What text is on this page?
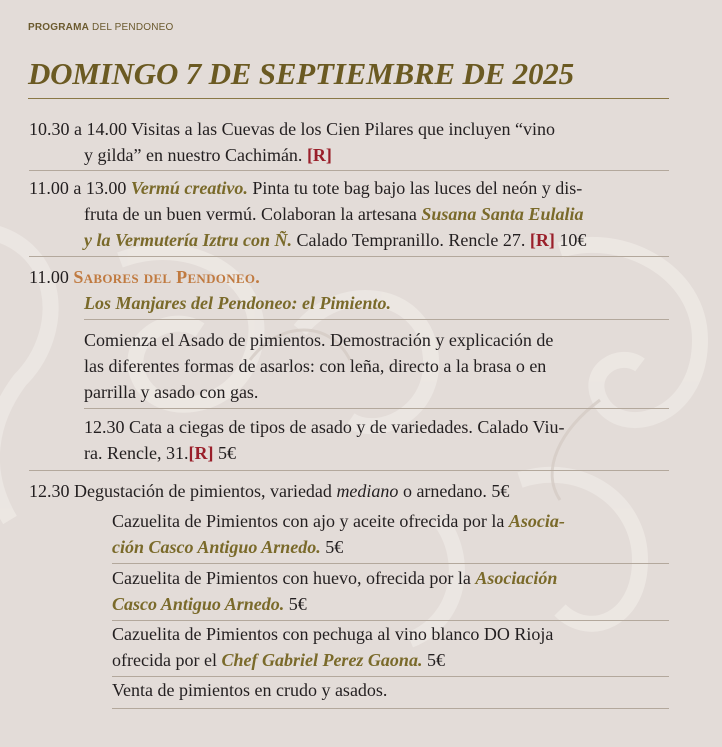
PROGRAMA DEL PENDONEO
DOMINGO 7 DE SEPTIEMBRE DE 2025
10.30 a 14.00 Visitas a las Cuevas de los Cien Pilares que incluyen “vino
y gilda” en nuestro Cachimán. [R]
11.00 a 13.00 Vermú creativo. Pinta tu tote bag bajo las luces del neón y dis-
fruta de un buen vermú. Colaboran la artesana Susana Santa Eulalia
y la Vermutería Iztru con Ñ. Calado Tempranillo. Rencle 27. [R] 10€
11.00 Sabores del Pendoneo.
Los Manjares del Pendoneo: el Pimiento.
Comienza el Asado de pimientos. Demostración y explicación de
las diferentes formas de asarlos: con leña, directo a la brasa o en
parrilla y asado con gas.
12.30 Cata a ciegas de tipos de asado y de variedades. Calado Viu-
ra. Rencle, 31.[R] 5€
12.30 Degustación de pimientos, variedad mediano o arnedano. 5€
Cazuelita de Pimientos con ajo y aceite ofrecida por la Asocia-
ción Casco Antiguo Arnedo. 5€
Cazuelita de Pimientos con huevo, ofrecida por la Asociación
Casco Antiguo Arnedo. 5€
Cazuelita de Pimientos con pechuga al vino blanco DO Rioja
ofrecida por el Chef Gabriel Perez Gaona. 5€
Venta de pimientos en crudo y asados.
